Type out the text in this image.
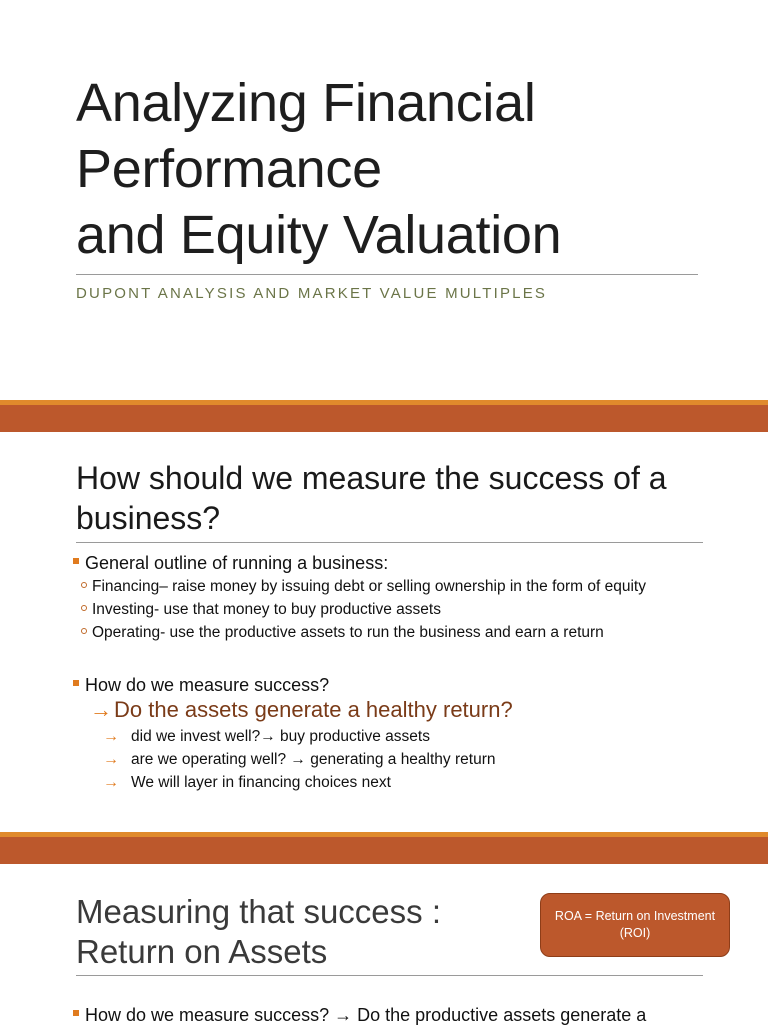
Analyzing Financial
Performance
and Equity Valuation
DUPONT ANALYSIS AND MARKET VALUE MULTIPLES
How should we measure the success of a business?
General outline of running a business:
Financing– raise money by issuing debt or selling ownership in the form of equity
Investing- use that money to buy productive assets
Operating- use the productive assets to run the business and earn a return
How do we measure success?
→Do the assets generate a healthy return?
→ did we invest well?→ buy productive assets
→ are we operating well? → generating a healthy return
→ We will layer in financing choices next
Measuring that success :
Return on Assets
ROA = Return on Investment
(ROI)
How do we measure success? → Do the productive assets generate a
